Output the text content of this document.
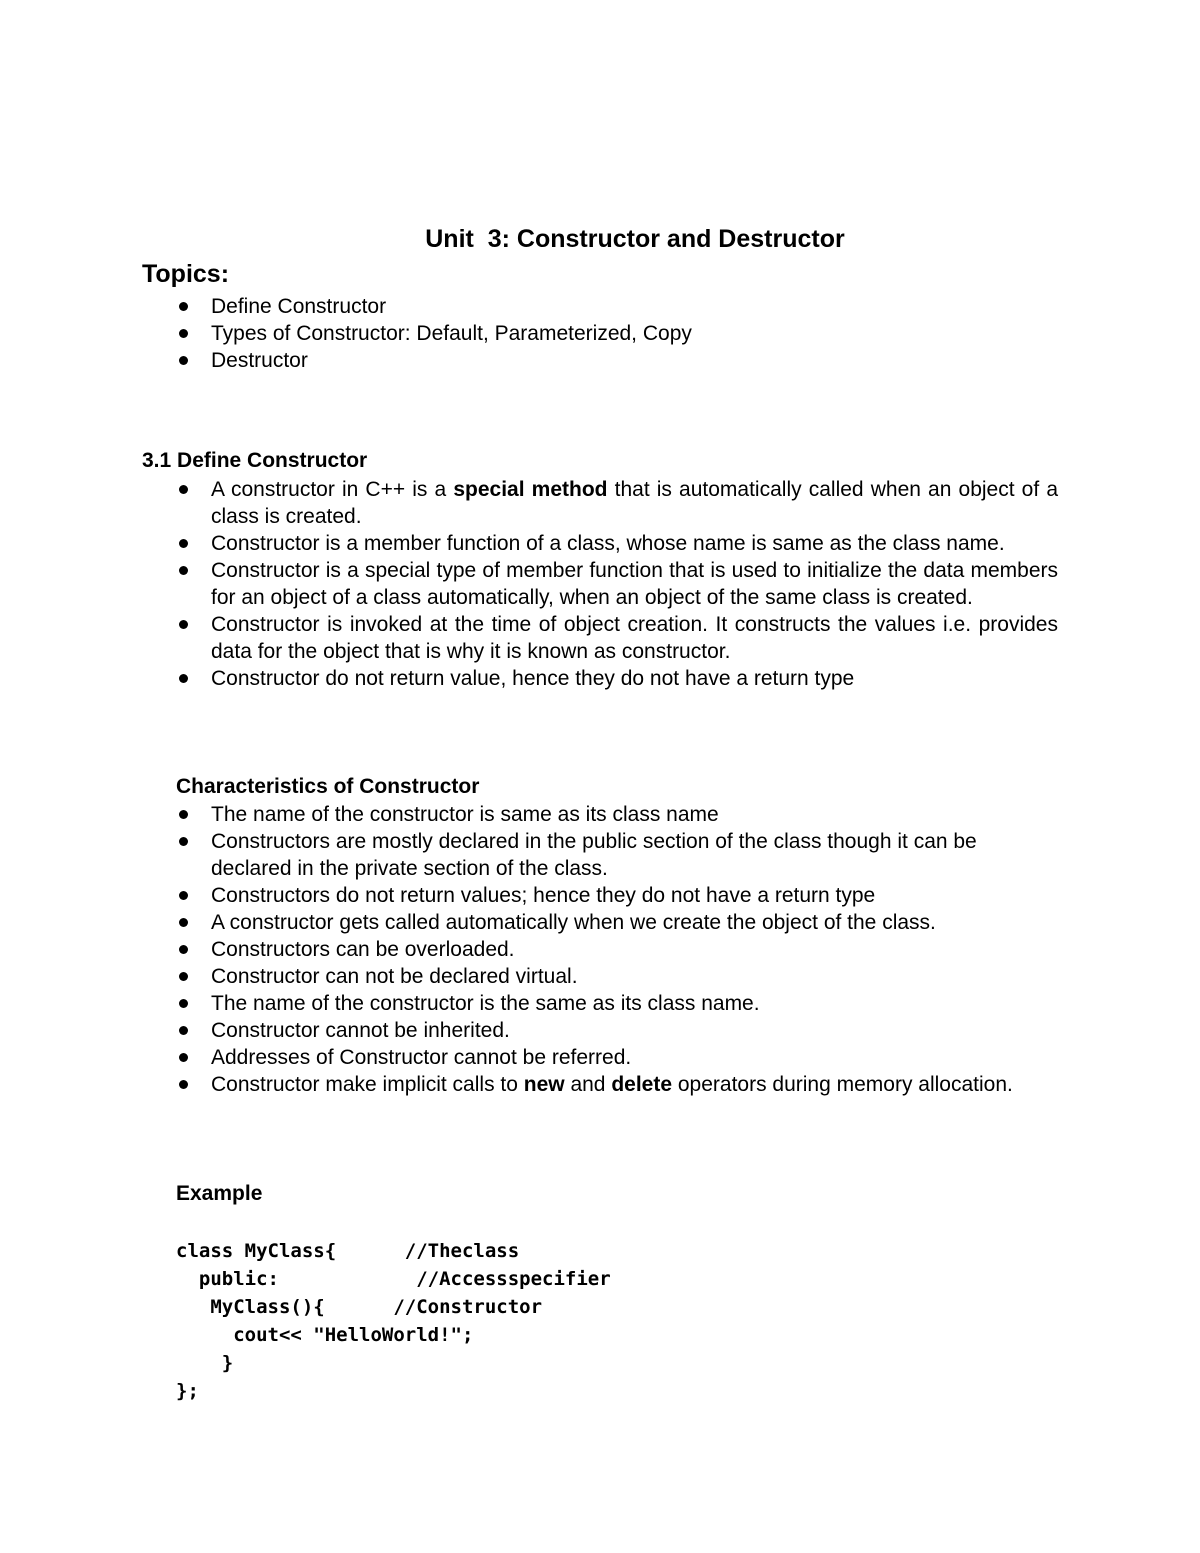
Unit  3: Constructor and Destructor
Topics:
Define Constructor
Types of Constructor: Default, Parameterized, Copy
Destructor
3.1 Define Constructor
A constructor in C++ is a special method that is automatically called when an object of a class is created.
Constructor is a member function of a class, whose name is same as the class name.
Constructor is a special type of member function that is used to initialize the data members for an object of a class automatically, when an object of the same class is created.
Constructor is invoked at the time of object creation. It constructs the values i.e. provides data for the object that is why it is known as constructor.
Constructor do not return value, hence they do not have a return type
Characteristics of Constructor
The name of the constructor is same as its class name
Constructors are mostly declared in the public section of the class though it can be declared in the private section of the class.
Constructors do not return values; hence they do not have a return type
A constructor gets called automatically when we create the object of the class.
Constructors can be overloaded.
Constructor can not be declared virtual.
The name of the constructor is the same as its class name.
Constructor cannot be inherited.
Addresses of Constructor cannot be referred.
Constructor make implicit calls to new and delete operators during memory allocation.
Example
class MyClass{      //Theclass
public:            //Accessspecifier
MyClass(){      //Constructor
cout<< "HelloWorld!";
}
};
